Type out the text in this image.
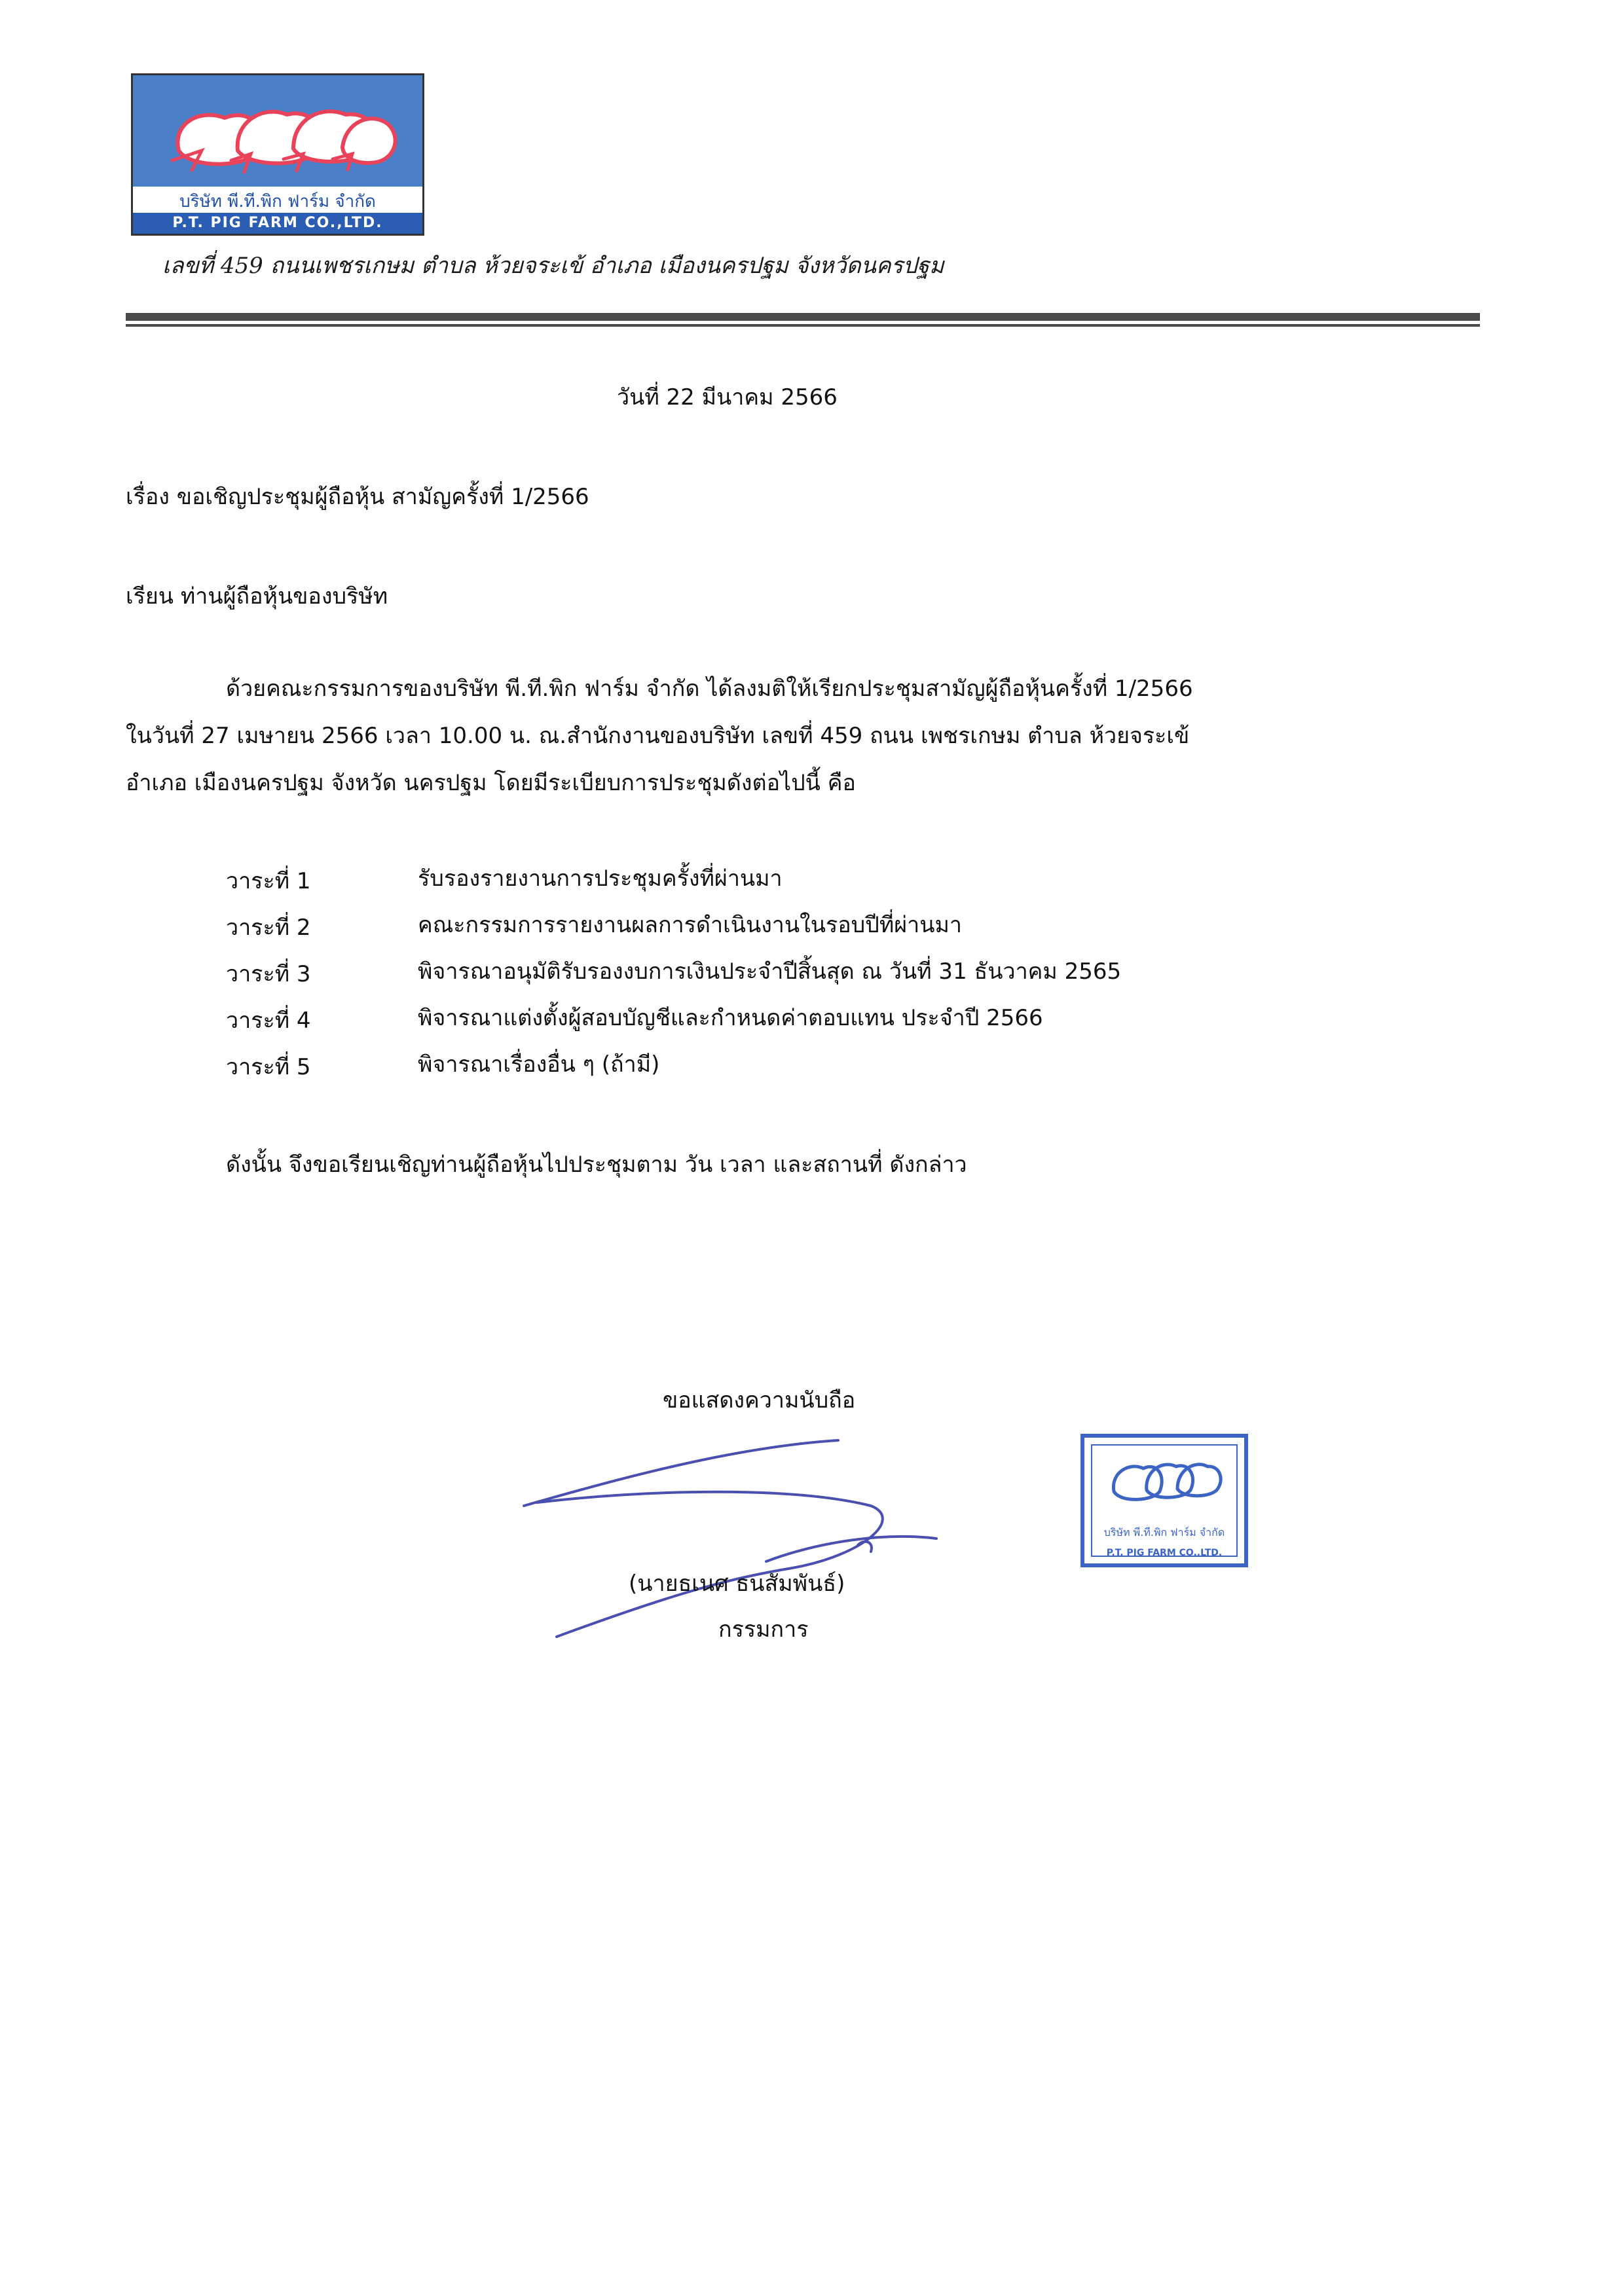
บริษัท พี.ที.พิก ฟาร์ม จำกัด
P.T. PIG FARM CO.,LTD.
เลขที่ 459 ถนนเพชรเกษม ตำบล ห้วยจระเข้ อำเภอ เมืองนครปฐม จังหวัดนครปฐม
วันที่ 22 มีนาคม 2566
เรื่อง ขอเชิญประชุมผู้ถือหุ้น สามัญครั้งที่ 1/2566
เรียน ท่านผู้ถือหุ้นของบริษัท
ด้วยคณะกรรมการของบริษัท พี.ที.พิก ฟาร์ม จำกัด ได้ลงมติให้เรียกประชุมสามัญผู้ถือหุ้นครั้งที่ 1/2566
ในวันที่ 27 เมษายน 2566 เวลา 10.00 น. ณ.สำนักงานของบริษัท เลขที่ 459 ถนน เพชรเกษม ตำบล ห้วยจระเข้
อำเภอ เมืองนครปฐม จังหวัด นครปฐม โดยมีระเบียบการประชุมดังต่อไปนี้ คือ
วาระที่ 1	รับรองรายงานการประชุมครั้งที่ผ่านมา
วาระที่ 2	คณะกรรมการรายงานผลการดำเนินงานในรอบปีที่ผ่านมา
วาระที่ 3	พิจารณาอนุมัติรับรองงบการเงินประจำปีสิ้นสุด ณ วันที่ 31 ธันวาคม 2565
วาระที่ 4	พิจารณาแต่งตั้งผู้สอบบัญชีและกำหนดค่าตอบแทน ประจำปี 2566
วาระที่ 5	พิจารณาเรื่องอื่น ๆ (ถ้ามี)
ดังนั้น จึงขอเรียนเชิญท่านผู้ถือหุ้นไปประชุมตาม วัน เวลา และสถานที่ ดังกล่าว
ขอแสดงความนับถือ
(นายธเนศ ธนสัมพันธ์)
กรรมการ
บริษัท พี.ที.พิก ฟาร์ม จำกัด
P.T. PIG FARM CO.,LTD.
